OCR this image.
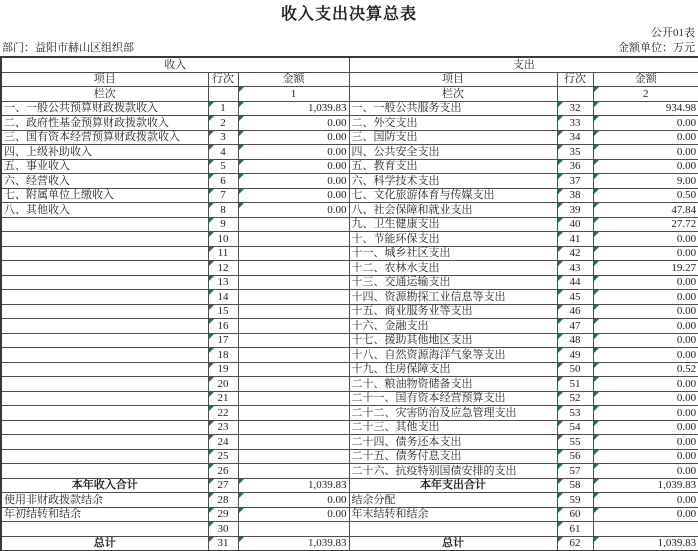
收入支出决算总表
公开01表
部门：益阳市赫山区组织部	金额单位：万元
收入			支出		
项目	行次	金额	项目	行次	金额
栏次		1	栏次		2
一、一般公共预算财政拨款收入	1	1,039.83	一、一般公共服务支出	32	934.98
二、政府性基金预算财政拨款收入	2	0.00	二、外交支出	33	0.00
三、国有资本经营预算财政拨款收入	3	0.00	三、国防支出	34	0.00
四、上级补助收入	4	0.00	四、公共安全支出	35	0.00
五、事业收入	5	0.00	五、教育支出	36	0.00
六、经营收入	6	0.00	六、科学技术支出	37	9.00
七、附属单位上缴收入	7	0.00	七、文化旅游体育与传媒支出	38	0.50
八、其他收入	8	0.00	八、社会保障和就业支出	39	47.84
	9		九、卫生健康支出	40	27.72
	10		十、节能环保支出	41	0.00
	11		十一、城乡社区支出	42	0.00
	12		十二、农林水支出	43	19.27
	13		十三、交通运输支出	44	0.00
	14		十四、资源勘探工业信息等支出	45	0.00
	15		十五、商业服务业等支出	46	0.00
	16		十六、金融支出	47	0.00
	17		十七、援助其他地区支出	48	0.00
	18		十八、自然资源海洋气象等支出	49	0.00
	19		十九、住房保障支出	50	0.52
	20		二十、粮油物资储备支出	51	0.00
	21		二十一、国有资本经营预算支出	52	0.00
	22		二十二、灾害防治及应急管理支出	53	0.00
	23		二十三、其他支出	54	0.00
	24		二十四、债务还本支出	55	0.00
	25		二十五、债务付息支出	56	0.00
	26		二十六、抗疫特别国债安排的支出	57	0.00
本年收入合计	27	1,039.83	本年支出合计	58	1,039.83
使用非财政拨款结余	28	0.00	结余分配	59	0.00
年初结转和结余	29	0.00	年末结转和结余	60	0.00
	30			61	
总计	31	1,039.83	总计	62	1,039.83
